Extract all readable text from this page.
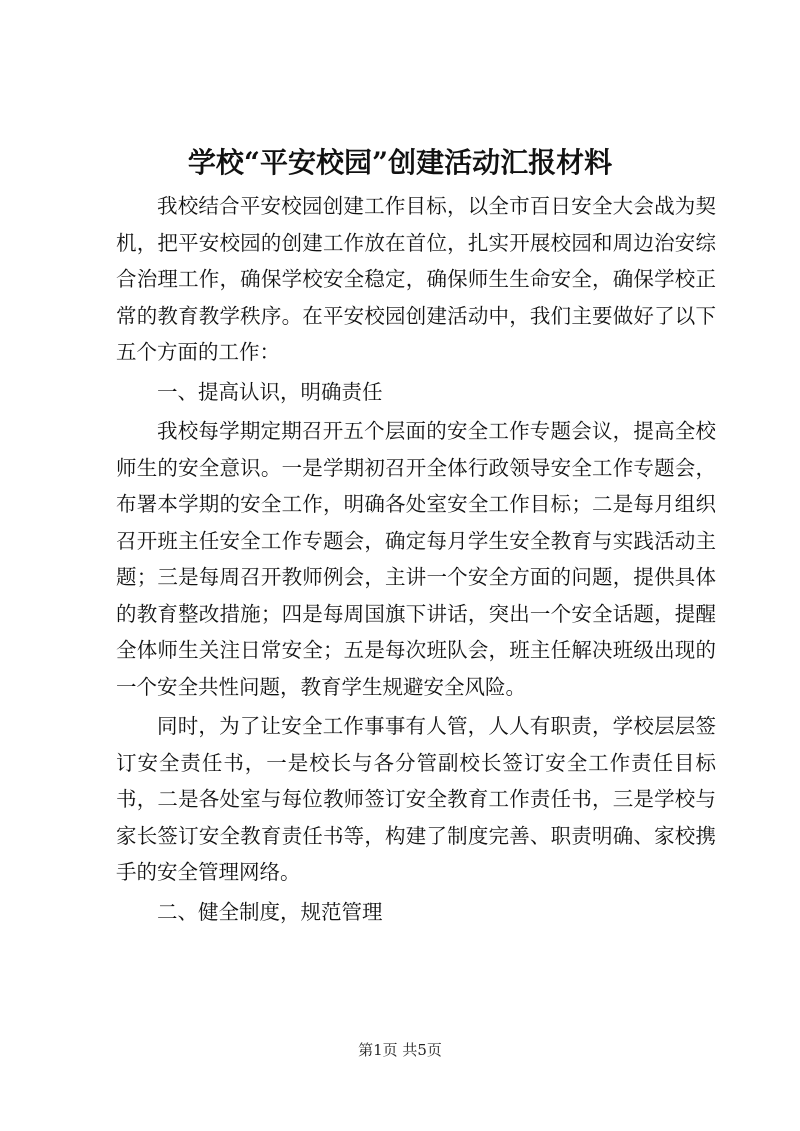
学校“平安校园”创建活动汇报材料

我校结合平安校园创建工作目标，以全市百日安全大会战为契机，把平安校园的创建工作放在首位，扎实开展校园和周边治安综合治理工作，确保学校安全稳定，确保师生生命安全，确保学校正常的教育教学秩序。在平安校园创建活动中，我们主要做好了以下五个方面的工作：

一、提高认识，明确责任

我校每学期定期召开五个层面的安全工作专题会议，提高全校师生的安全意识。一是学期初召开全体行政领导安全工作专题会，布署本学期的安全工作，明确各处室安全工作目标；二是每月组织召开班主任安全工作专题会，确定每月学生安全教育与实践活动主题；三是每周召开教师例会，主讲一个安全方面的问题，提供具体的教育整改措施；四是每周国旗下讲话，突出一个安全话题，提醒全体师生关注日常安全；五是每次班队会，班主任解决班级出现的一个安全共性问题，教育学生规避安全风险。

同时，为了让安全工作事事有人管，人人有职责，学校层层签订安全责任书，一是校长与各分管副校长签订安全工作责任目标书，二是各处室与每位教师签订安全教育工作责任书，三是学校与家长签订安全教育责任书等，构建了制度完善、职责明确、家校携手的安全管理网络。

二、健全制度，规范管理

第1页 共5页
